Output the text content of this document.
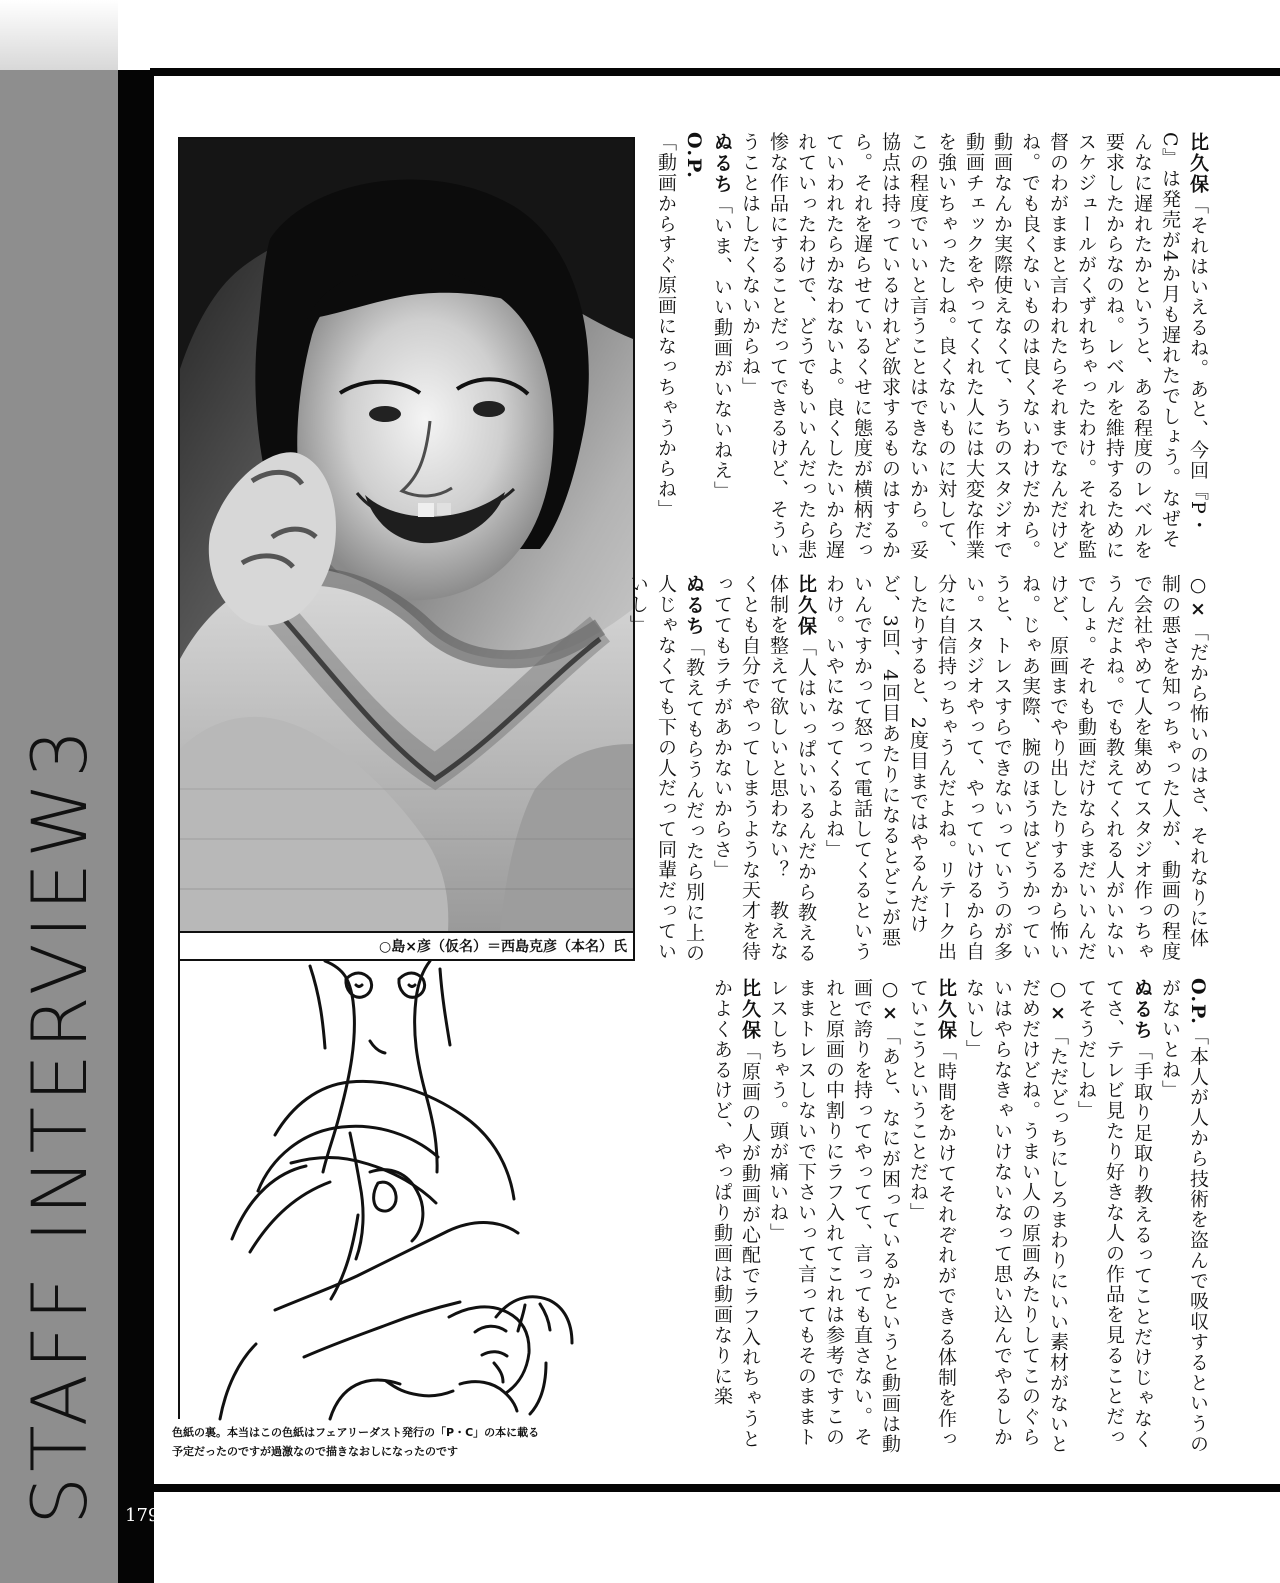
STAFF INTERVIEW3 179
○島×彦（仮名）＝西島克彦（本名）氏
色紙の裏。本当はこの色紙はフェアリーダスト発行の「P・C」の本に載る
予定だったのですが過激なので描きなおしになったのです

比久保「それはいえるね。あと、今回『P・C』は発売が4か月も遅れたでしょう。なぜそんなに遅れたかというと、ある程度のレベルを要求したからなのね。レベルを維持するためにスケジュールがくずれちゃったわけ。それを監督のわがままと言われたらそれまでなんだけどね。でも良くないものは良くないわけだから。動画なんか実際使えなくて、うちのスタジオで動画チェックをやってくれた人には大変な作業を強いちゃったしね。良くないものに対して、この程度でいいと言うことはできないから。妥協点は持っているけれど欲求するものはするから。それを遅らせているくせに態度が横柄だっていわれたらかなわないよ。良くしたいから遅れていったわけで、どうでもいいんだったら悲惨な作品にすることだってできるけど、そういうことはしたくないからね」

ぬるち「いま、いい動画がいないねえ」

O.P.「動画からすぐ原画になっちゃうからね」

○×「だから怖いのはさ、それなりに体制の悪さを知っちゃった人が、動画の程度で会社やめて人を集めてスタジオ作っちゃうんだよね。でも教えてくれる人がいないでしょ。それも動画だけならまだいいんだけど、原画までやり出したりするから怖いね。じゃあ実際、腕のほうはどうかっていうと、トレスすらできないっていうのが多い。スタジオやって、やっていけるから自分に自信持っちゃうんだよね。リテーク出したりすると、2度目まではやるんだけど、3回、4回目あたりになるとどこが悪いんですかって怒って電話してくるというわけ。いやになってくるよね」

比久保「人はいっぱいいるんだから教える体制を整えて欲しいと思わない？　教えなくとも自分でやってしまうような天才を待っててもラチがあかないからさ」

ぬるち「教えてもらうんだったら別に上の人じゃなくても下の人だって同輩だっていいし」

O.P.「本人が人から技術を盗んで吸収するというのがないとね」

ぬるち「手取り足取り教えるってことだけじゃなくてさ、テレビ見たり好きな人の作品を見ることだってそうだしね」

○×「ただどっちにしろまわりにいい素材がないとだめだけどね。うまい人の原画みたりしてこのぐらいはやらなきゃいけないなって思い込んでやるしかないし」

比久保「時間をかけてそれぞれができる体制を作っていこうということだね」

○×「あと、なにが困っているかというと動画は動画で誇りを持ってやってて、言っても直さない。それと原画の中割りにラフ入れてこれは参考ですこのままトレスしないで下さいって言ってもそのままトレスしちゃう。頭が痛いね」

比久保「原画の人が動画が心配でラフ入れちゃうとかよくあるけど、やっぱり動画は動画なりに楽
